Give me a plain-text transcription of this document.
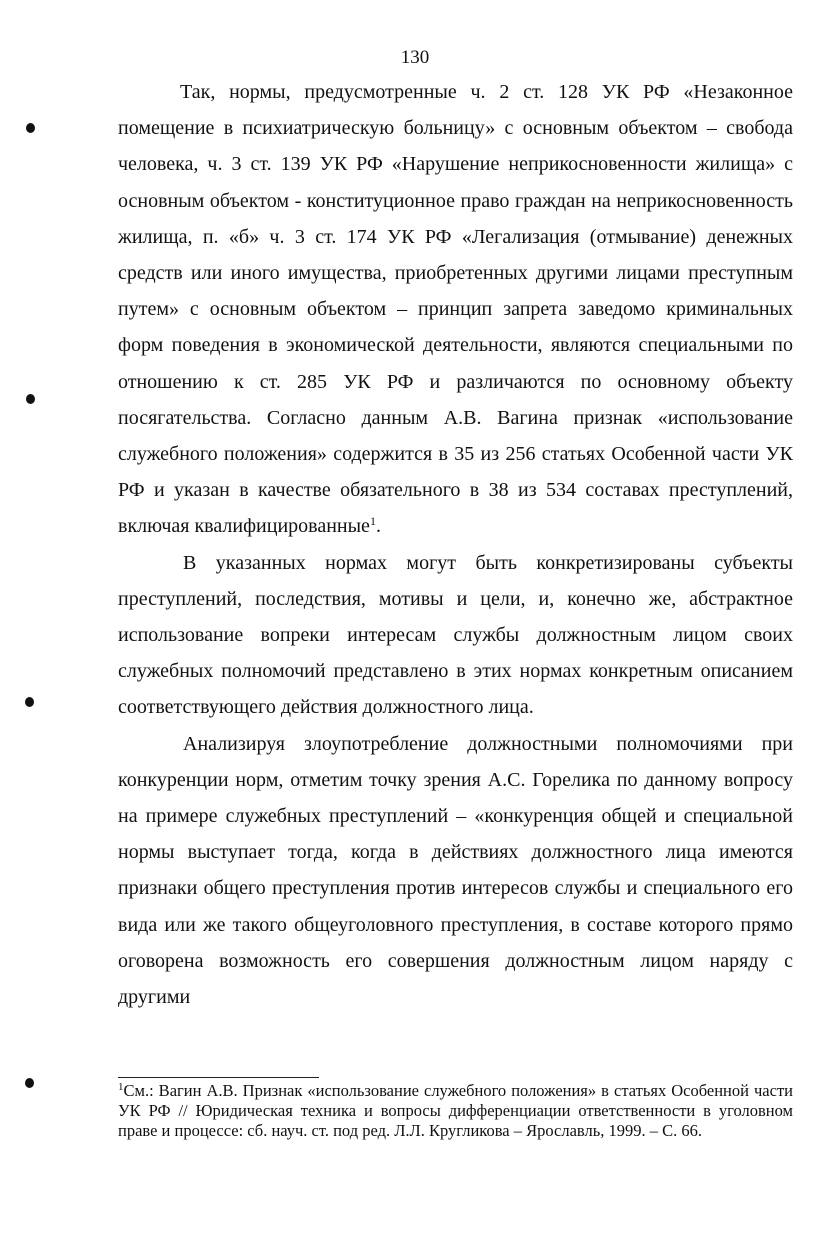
130

Так, нормы, предусмотренные ч. 2 ст. 128 УК РФ «Незаконное помещение в психиатрическую больницу» с основным объектом – свобода человека, ч. 3 ст. 139 УК РФ «Нарушение неприкосновенности жилища» с основным объектом - конституционное право граждан на неприкосновенность жилища, п. «б» ч. 3 ст. 174 УК РФ «Легализация (отмывание) денежных средств или иного имущества, приобретенных другими лицами преступным путем» с основным объектом – принцип запрета заведомо криминальных форм поведения в экономической деятельности, являются специальными по отношению к ст. 285 УК РФ и различаются по основному объекту посягательства. Согласно данным А.В. Вагина признак «использование служебного положения» содержится в 35 из 256 статьях Особенной части УК РФ и указан в качестве обязательного в 38 из 534 составах преступлений, включая квалифицированные$^1$.

В указанных нормах могут быть конкретизированы субъекты преступлений, последствия, мотивы и цели, и, конечно же, абстрактное использование вопреки интересам службы должностным лицом своих служебных полномочий представлено в этих нормах конкретным описанием соответствующего действия должностного лица.

Анализируя злоупотребление должностными полномочиями при конкуренции норм, отметим точку зрения А.С. Горелика по данному вопросу на примере служебных преступлений – «конкуренция общей и специальной нормы выступает тогда, когда в действиях должностного лица имеются признаки общего преступления против интересов службы и специального его вида или же такого общеуголовного преступления, в составе которого прямо оговорена возможность его совершения должностным лицом наряду с другими

$^1$См.: Вагин А.В. Признак «использование служебного положения» в статьях Особенной части УК РФ // Юридическая техника и вопросы дифференциации ответственности в уголовном праве и процессе: сб. науч. ст. под ред. Л.Л. Кругликова – Ярославль, 1999. – С. 66.
